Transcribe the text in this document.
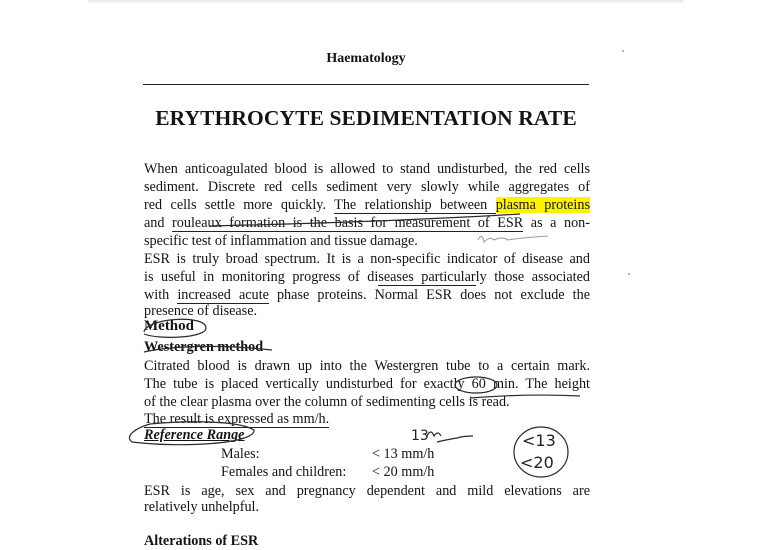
Haematology
ERYTHROCYTE SEDIMENTATION RATE
When anticoagulated blood is allowed to stand undisturbed, the red cells
sediment. Discrete red cells sediment very slowly while aggregates of
red cells settle more quickly. The relationship between plasma proteins
and rouleaux formation is the basis for measurement of ESR as a non-
specific test of inflammation and tissue damage.
ESR is truly broad spectrum. It is a non-specific indicator of disease and
is useful in monitoring progress of diseases particularly those associated
with increased acute phase proteins. Normal ESR does not exclude the
presence of disease.
Method
Westergren method
Citrated blood is drawn up into the Westergren tube to a certain mark.
The tube is placed vertically undisturbed for exactly 60 min. The height
of the clear plasma over the column of sedimenting cells is read.
The result is expressed as mm/h.
Reference Range
Males:	< 13 mm/h
Females and children: < 20 mm/h
ESR is age, sex and pregnancy dependent and mild elevations are
relatively unhelpful.
Alterations of ESR
13	<13
<20
